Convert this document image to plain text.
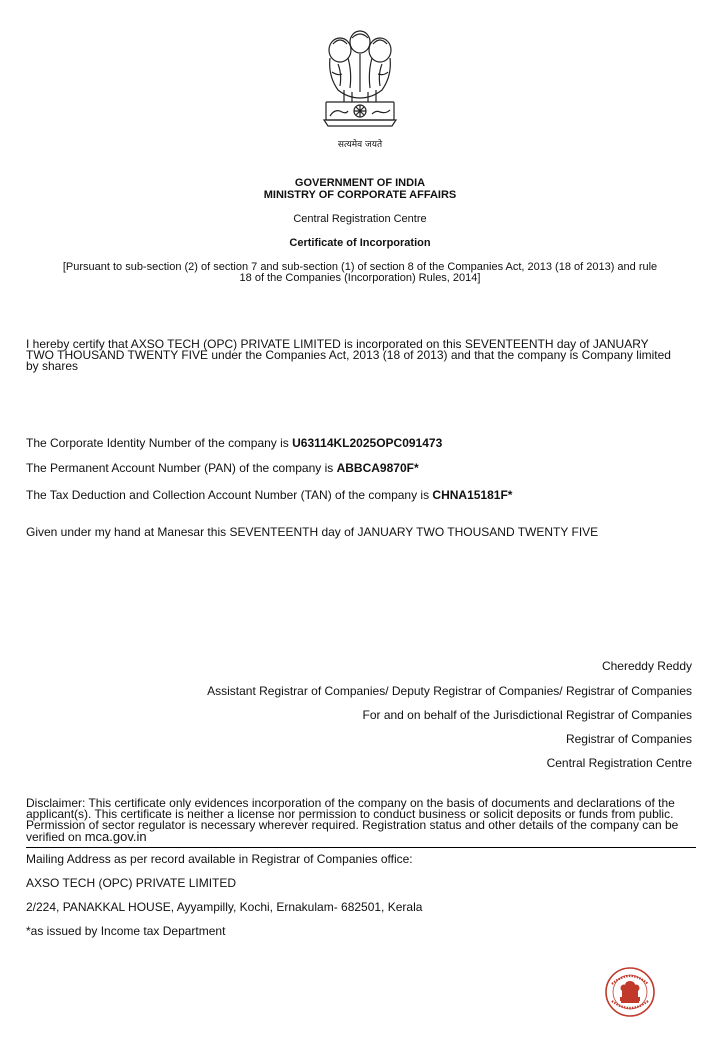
सत्यमेव जयते
GOVERNMENT OF INDIA
MINISTRY OF CORPORATE AFFAIRS
Central Registration Centre
Certificate of Incorporation
[Pursuant to sub-section (2) of section 7 and sub-section (1) of section 8 of the Companies Act, 2013 (18 of 2013) and rule
18 of the Companies (Incorporation) Rules, 2014]
I hereby certify that AXSO TECH (OPC) PRIVATE LIMITED is incorporated on this SEVENTEENTH day of JANUARY
TWO THOUSAND TWENTY FIVE under the Companies Act, 2013 (18 of 2013) and that the company is Company limited
by shares
The Corporate Identity Number of the company is U63114KL2025OPC091473
The Permanent Account Number (PAN) of the company is ABBCA9870F*
The Tax Deduction and Collection Account Number (TAN) of the company is CHNA15181F*
Given under my hand at Manesar this SEVENTEENTH day of JANUARY TWO THOUSAND TWENTY FIVE
Chereddy Reddy
Assistant Registrar of Companies/ Deputy Registrar of Companies/ Registrar of Companies
For and on behalf of the Jurisdictional Registrar of Companies
Registrar of Companies
Central Registration Centre
Disclaimer: This certificate only evidences incorporation of the company on the basis of documents and declarations of the
applicant(s). This certificate is neither a license nor permission to conduct business or solicit deposits or funds from public.
Permission of sector regulator is necessary wherever required. Registration status and other details of the company can be
verified on mca.gov.in
Mailing Address as per record available in Registrar of Companies office:
AXSO TECH (OPC) PRIVATE LIMITED
2/224, PANAKKAL HOUSE, Ayyampilly, Kochi, Ernakulam- 682501, Kerala
*as issued by Income tax Department
